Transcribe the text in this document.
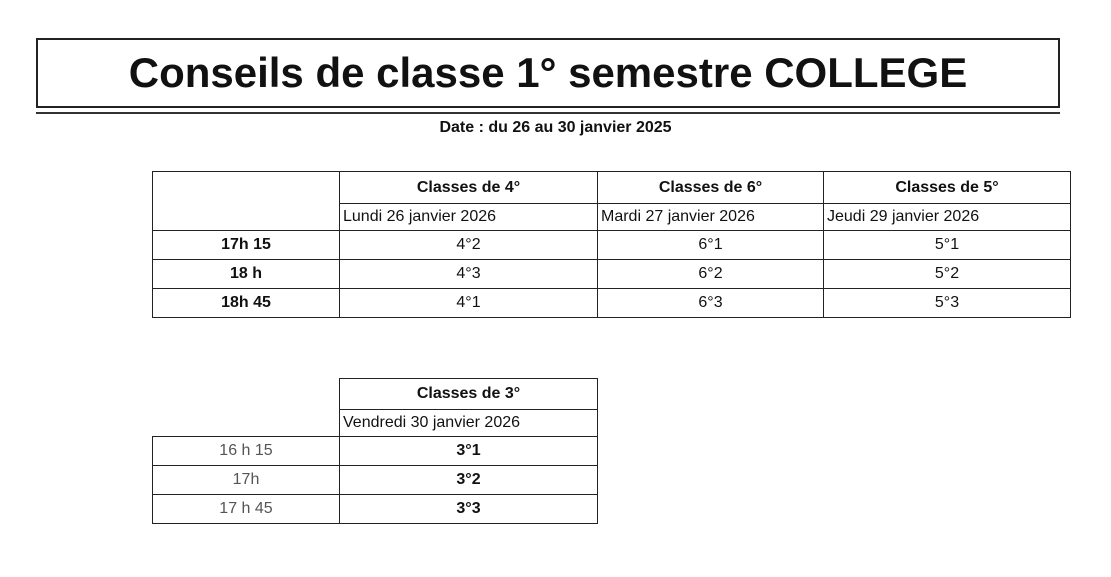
Conseils de classe 1° semestre COLLEGE
Date : du 26 au 30 janvier 2025
	Classes de 4°	Classes de 6°	Classes de 5°
	Lundi 26 janvier 2026	Mardi 27 janvier 2026	Jeudi 29 janvier 2026
17h 15	4°2	6°1	5°1
18 h	4°3	6°2	5°2
18h 45	4°1	6°3	5°3
	Classes de 3°
	Vendredi 30 janvier 2026
16 h 15	3°1
17h	3°2
17 h 45	3°3
